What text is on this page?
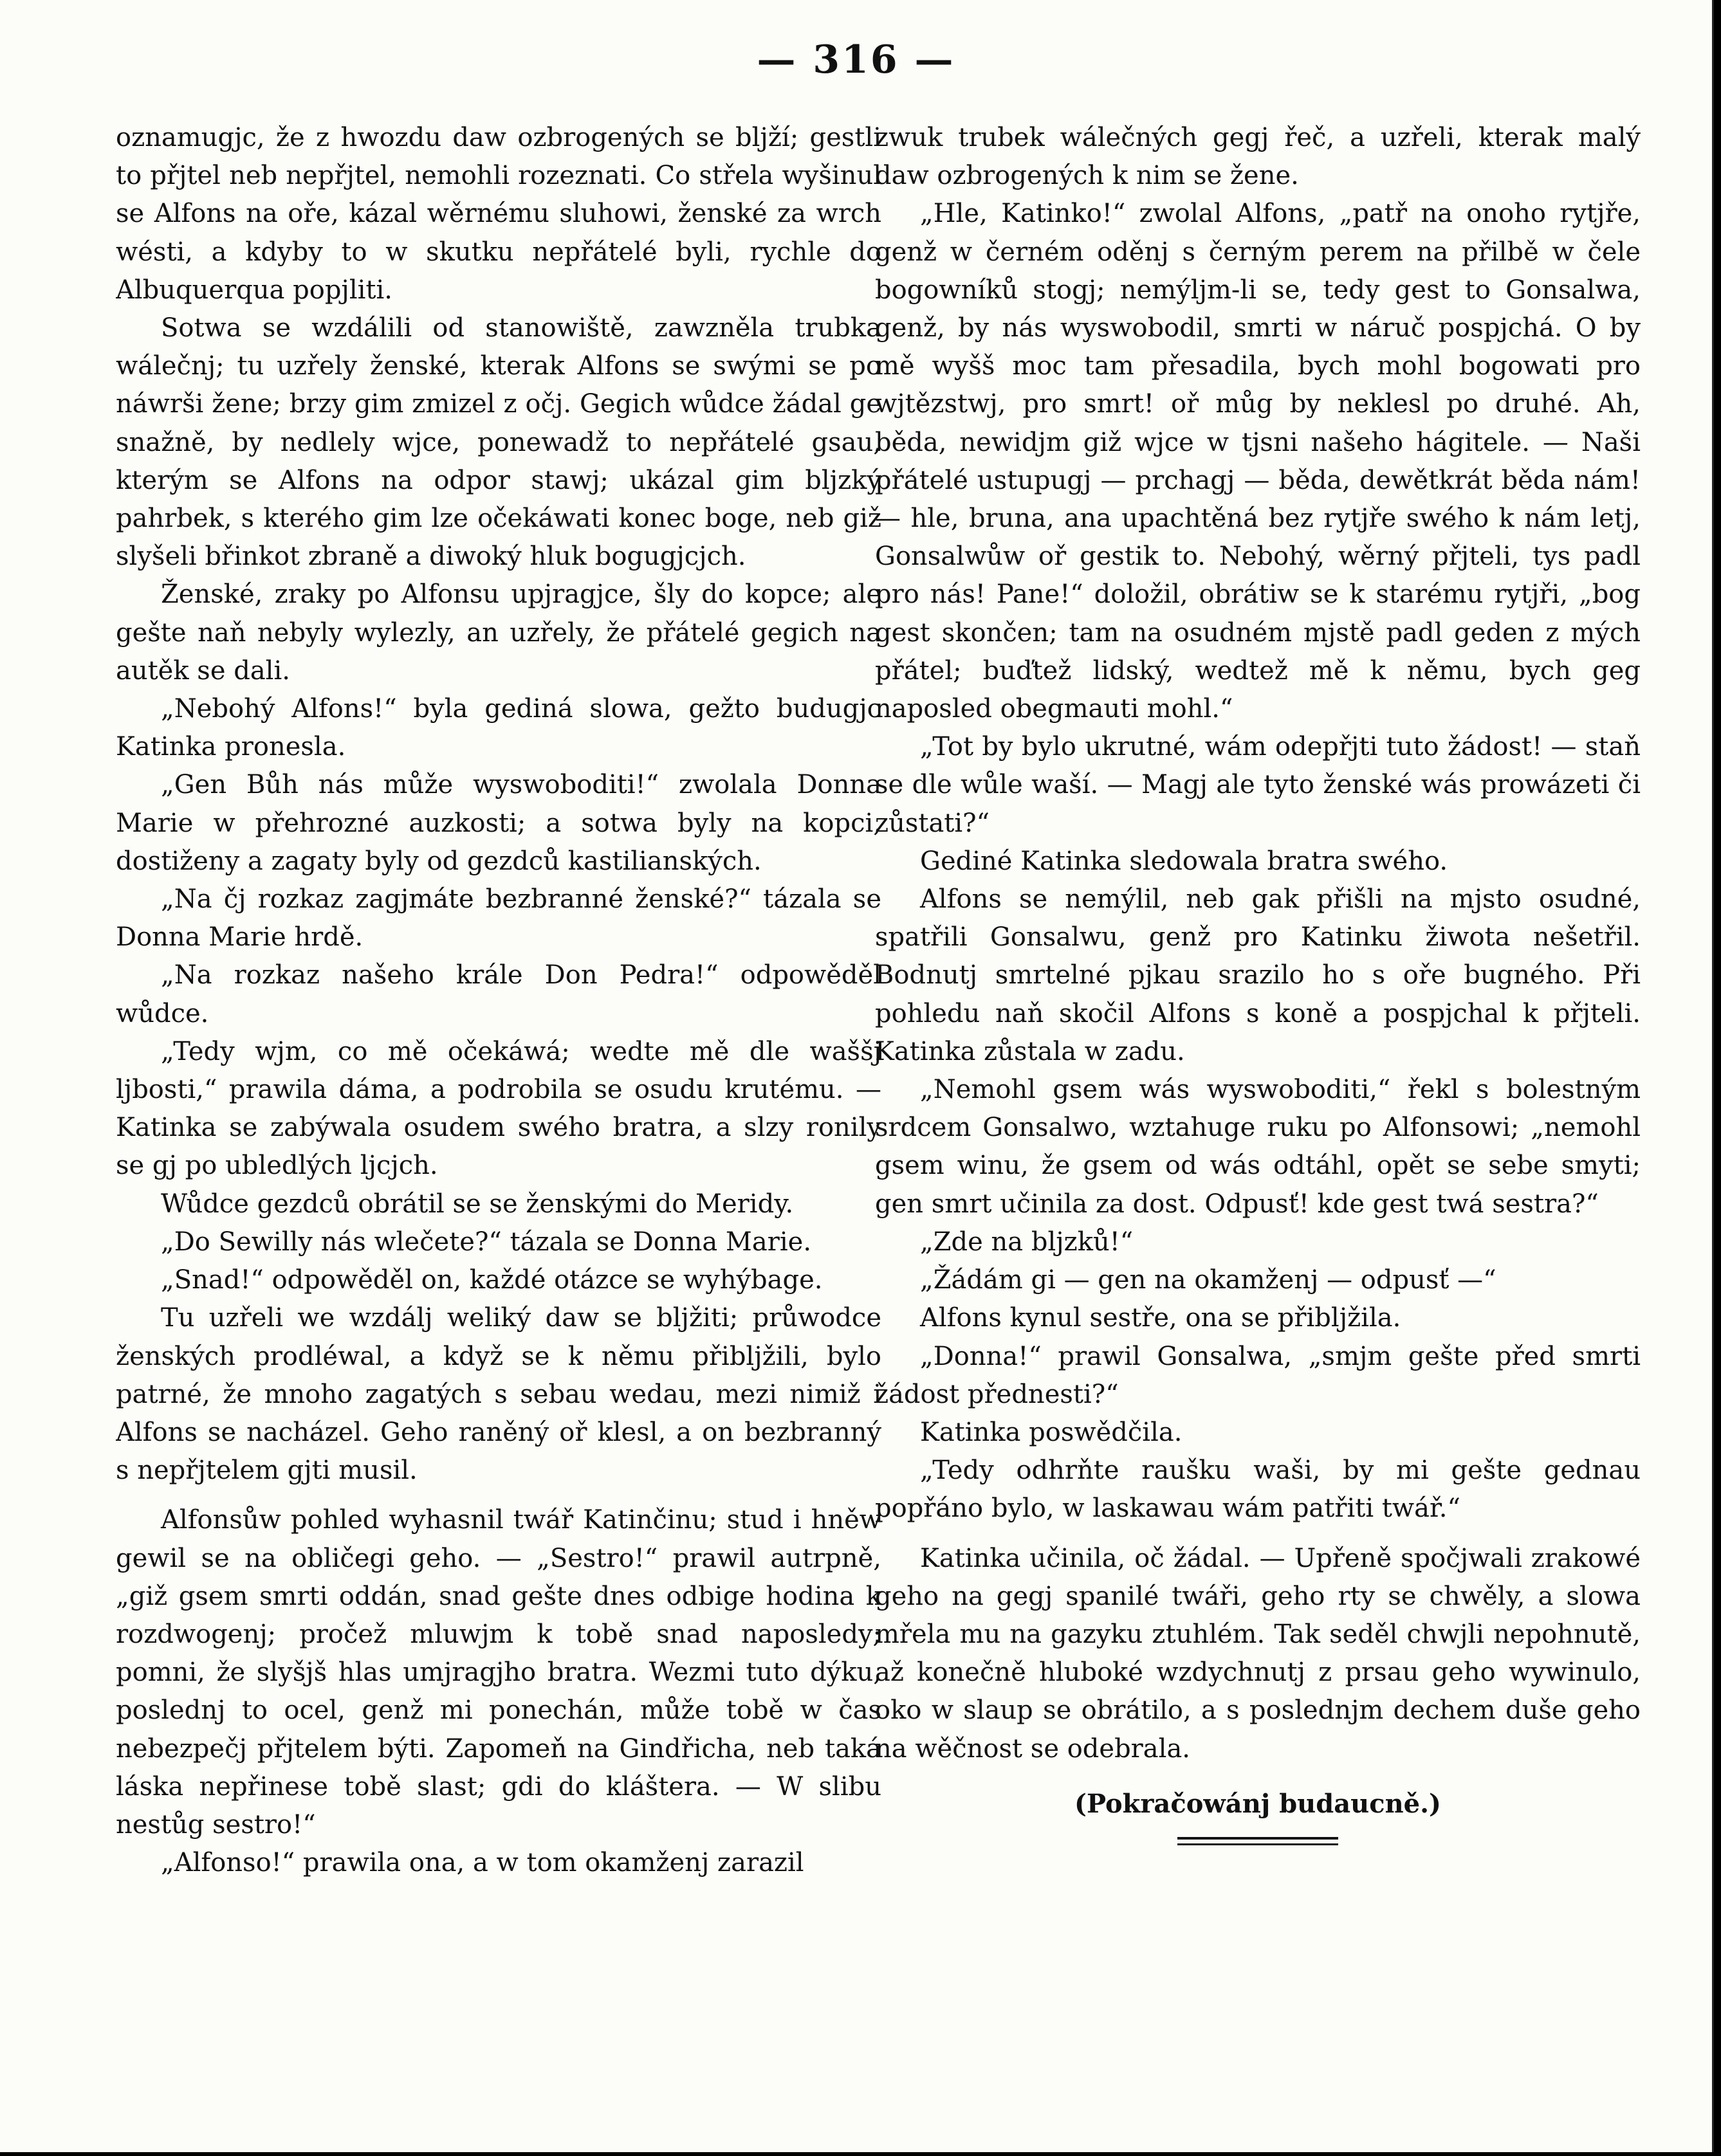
— 316 —

oznamugjc, že z hwozdu daw ozbrogených se bljží; gestli to přjtel neb nepřjtel, nemohli rozeznati. Co střela wyšinul se Alfons na oře, kázal wěrnému sluhowi, ženské za wrch wésti, a kdyby to w skutku nepřátelé byli, rychle do Albuquerqua popjliti.

Sotwa se wzdálili od stanowiště, zawzněla trubka wálečnj; tu uzřely ženské, kterak Alfons se swými se po náwrši žene; brzy gim zmizel z očj. Gegich wůdce žádal ge snažně, by nedlely wjce, ponewadž to nepřátelé gsau, kterým se Alfons na odpor stawj; ukázal gim bljzký pahrbek, s kterého gim lze očekáwati konec boge, neb giž slyšeli břinkot zbraně a diwoký hluk bogugjcjch.

Ženské, zraky po Alfonsu upjragjce, šly do kopce; ale gešte naň nebyly wylezly, an uzřely, že přátelé gegich na autěk se dali.

„Nebohý Alfons!“ byla gediná slowa, gežto budugjc Katinka pronesla.

„Gen Bůh nás může wyswoboditi!“ zwolala Donna Marie w přehrozné auzkosti; a sotwa byly na kopci, dostiženy a zagaty byly od gezdců kastilianských.

„Na čj rozkaz zagjmáte bezbranné ženské?“ tázala se Donna Marie hrdě.

„Na rozkaz našeho krále Don Pedra!“ odpowěděl wůdce.

„Tedy wjm, co mě očekáwá; wedte mě dle waššj ljbosti,“ prawila dáma, a podrobila se osudu krutému. — Katinka se zabýwala osudem swého bratra, a slzy ronily se gj po ubledlých ljcjch.

Wůdce gezdců obrátil se se ženskými do Meridy.

„Do Sewilly nás wlečete?“ tázala se Donna Marie.

„Snad!“ odpowěděl on, každé otázce se wyhýbage.

Tu uzřeli we wzdálj weliký daw se bljžiti; průwodce ženských prodléwal, a když se k němu přibljžili, bylo patrné, že mnoho zagatých s sebau wedau, mezi nimiž i Alfons se nacházel. Geho raněný oř klesl, a on bezbranný s nepřjtelem gjti musil.

Alfonsůw pohled wyhasnil twář Katinčinu; stud i hněw gewil se na obličegi geho. — „Sestro!“ prawil autrpně, „giž gsem smrti oddán, snad gešte dnes odbige hodina k rozdwogenj; pročež mluwjm k tobě snad naposledy; pomni, že slyšjš hlas umjragjho bratra. Wezmi tuto dýku, poslednj to ocel, genž mi ponechán, může tobě w čas nebezpečj přjtelem býti. Zapomeň na Gindřicha, neb taká láska nepřinese tobě slast; gdi do kláštera. — W slibu nestůg sestro!“

„Alfonso!“ prawila ona, a w tom okamženj zarazil

zwuk trubek wálečných gegj řeč, a uzřeli, kterak malý daw ozbrogených k nim se žene.

„Hle, Katinko!“ zwolal Alfons, „patř na onoho rytjře, genž w černém oděnj s černým perem na přilbě w čele bogowníků stogj; nemýljm-li se, tedy gest to Gonsalwa, genž, by nás wyswobodil, smrti w náruč pospjchá. O by mě wyšš moc tam přesadila, bych mohl bogowati pro wjtězstwj, pro smrt! oř můg by neklesl po druhé. Ah, běda, newidjm giž wjce w tjsni našeho hágitele. — Naši přátelé ustupugj — prchagj — běda, dewětkrát běda nám! — hle, bruna, ana upachtěná bez rytjře swého k nám letj, Gonsalwůw oř gestik to. Nebohý, wěrný přjteli, tys padl pro nás! Pane!“ doložil, obrátiw se k starému rytjři, „bog gest skončen; tam na osudném mjstě padl geden z mých přátel; buďtež lidský, wedtež mě k němu, bych geg naposled obegmauti mohl.“

„Tot by bylo ukrutné, wám odepřjti tuto žádost! — staň se dle wůle waší. — Magj ale tyto ženské wás prowázeti či zůstati?“

Gediné Katinka sledowala bratra swého.

Alfons se nemýlil, neb gak přišli na mjsto osudné, spatřili Gonsalwu, genž pro Katinku žiwota nešetřil. Bodnutj smrtelné pjkau srazilo ho s oře bugného. Při pohledu naň skočil Alfons s koně a pospjchal k přjteli. Katinka zůstala w zadu.

„Nemohl gsem wás wyswoboditi,“ řekl s bolestným srdcem Gonsalwo, wztahuge ruku po Alfonsowi; „nemohl gsem winu, že gsem od wás odtáhl, opět se sebe smyti; gen smrt učinila za dost. Odpusť! kde gest twá sestra?“

„Zde na bljzků!“

„Žádám gi — gen na okamženj — odpusť —“

Alfons kynul sestře, ona se přibljžila.

„Donna!“ prawil Gonsalwa, „smjm gešte před smrti žádost přednesti?“

Katinka poswědčila.

„Tedy odhrňte raušku waši, by mi gešte gednau popřáno bylo, w laskawau wám patřiti twář.“

Katinka učinila, oč žádal. — Upřeně spočjwali zrakowé geho na gegj spanilé twáři, geho rty se chwěly, a slowa mřela mu na gazyku ztuhlém. Tak seděl chwjli nepohnutě, až konečně hluboké wzdychnutj z prsau geho wywinulo, oko w slaup se obrátilo, a s poslednjm dechem duše geho na wěčnost se odebrala.

(Pokračowánj budaucně.)
